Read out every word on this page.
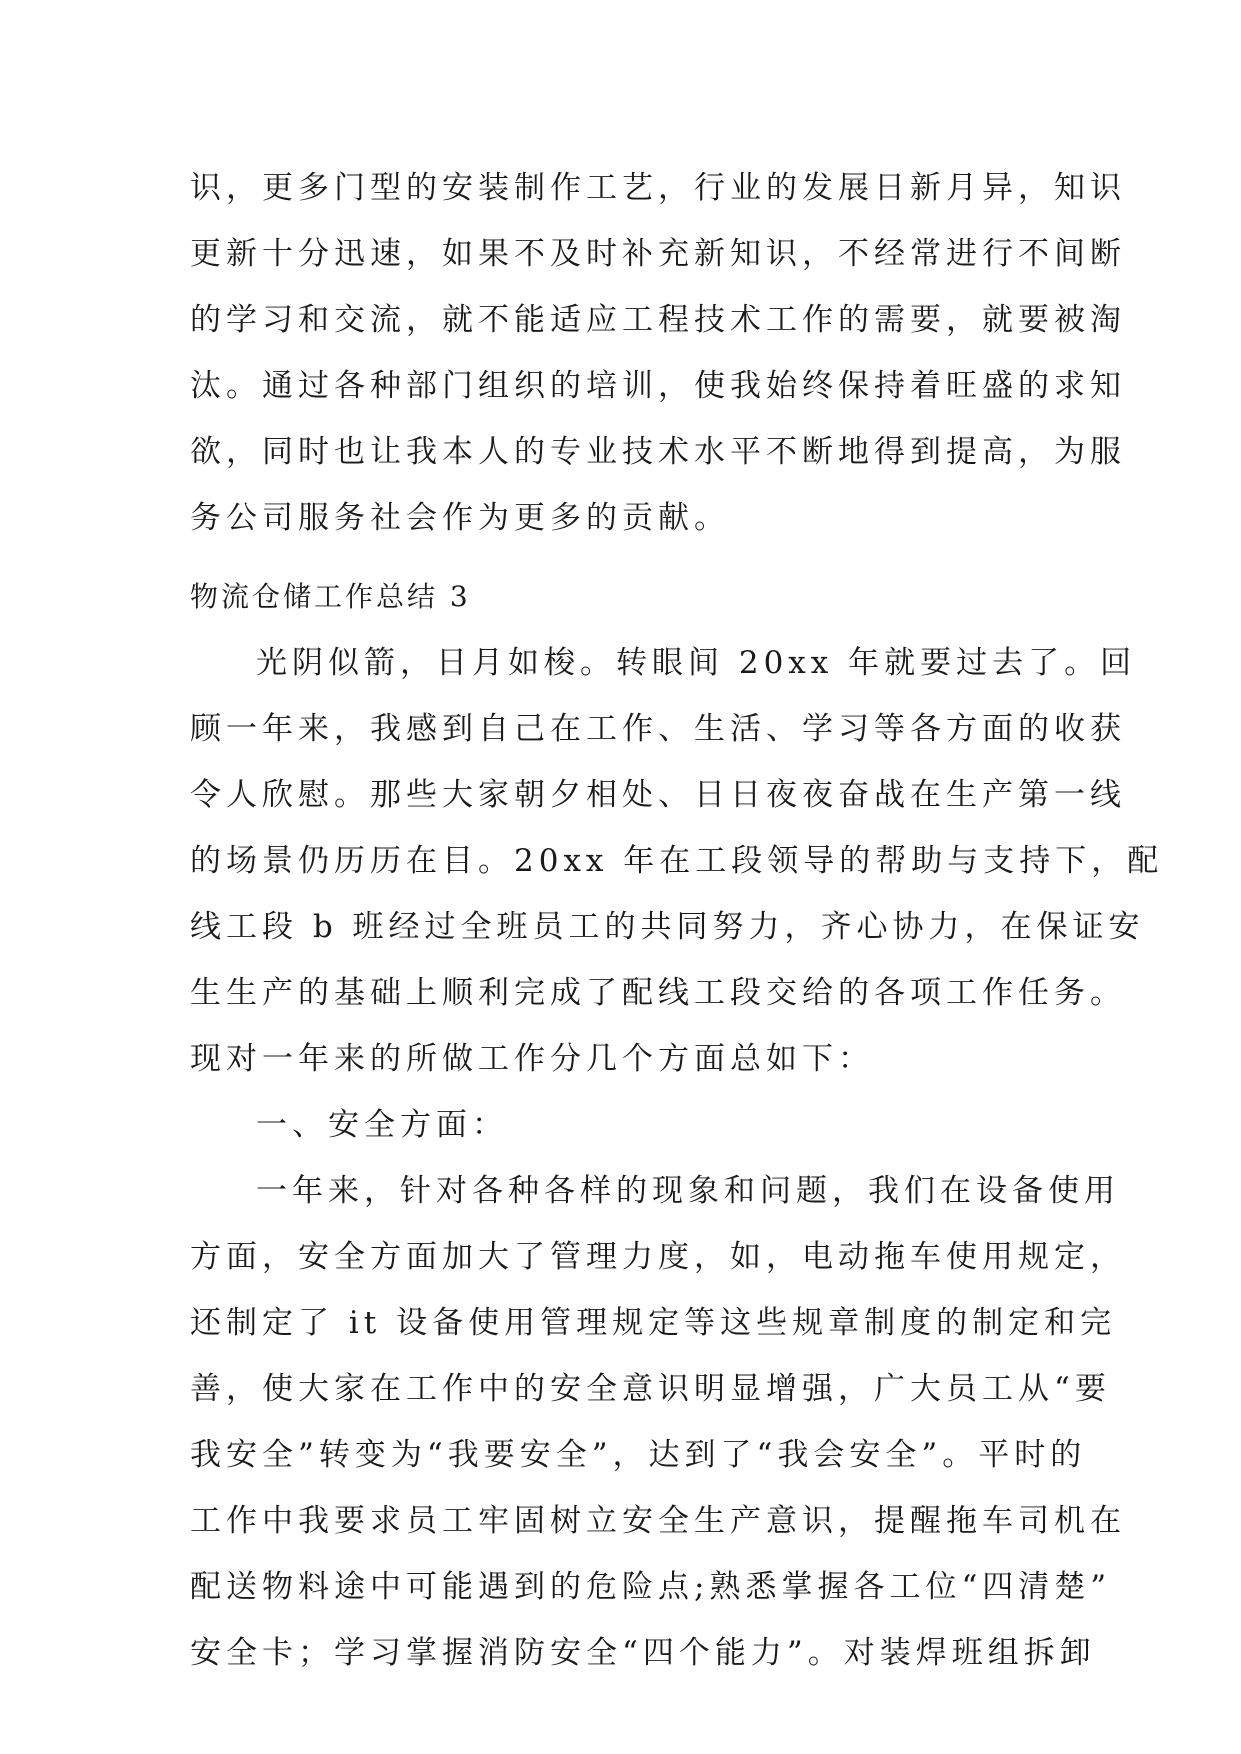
识，更多门型的安装制作工艺，行业的发展日新月异，知识
更新十分迅速，如果不及时补充新知识，不经常进行不间断
的学习和交流，就不能适应工程技术工作的需要，就要被淘
汰。通过各种部门组织的培训，使我始终保持着旺盛的求知
欲，同时也让我本人的专业技术水平不断地得到提高，为服
务公司服务社会作为更多的贡献。
物流仓储工作总结 3
光阴似箭，日月如梭。转眼间 20xx 年就要过去了。回
顾一年来，我感到自己在工作、生活、学习等各方面的收获
令人欣慰。那些大家朝夕相处、日日夜夜奋战在生产第一线
的场景仍历历在目。20xx 年在工段领导的帮助与支持下，配
线工段 b 班经过全班员工的共同努力，齐心协力，在保证安
生生产的基础上顺利完成了配线工段交给的各项工作任务。
现对一年来的所做工作分几个方面总如下：
一、安全方面：
一年来，针对各种各样的现象和问题，我们在设备使用
方面，安全方面加大了管理力度，如，电动拖车使用规定，
还制定了 it 设备使用管理规定等这些规章制度的制定和完
善，使大家在工作中的安全意识明显增强，广大员工从“要
我安全”转变为“我要安全”，达到了“我会安全”。平时的
工作中我要求员工牢固树立安全生产意识，提醒拖车司机在
配送物料途中可能遇到的危险点;熟悉掌握各工位“四清楚”
安全卡；学习掌握消防安全“四个能力”。对装焊班组拆卸
